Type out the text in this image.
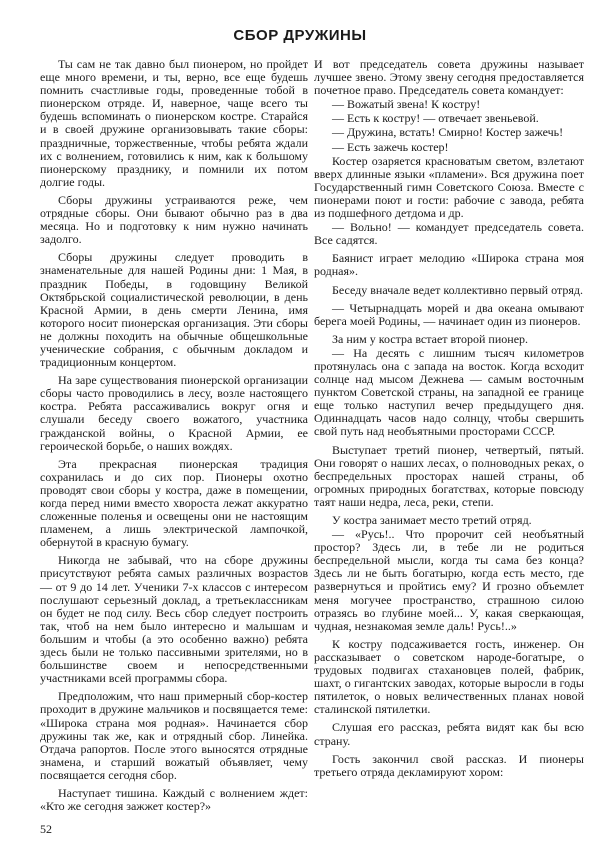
СБОР ДРУЖИНЫ

Ты сам не так давно был пионером, но пройдет еще много времени, и ты, верно, все еще будешь помнить счастливые годы, проведенные тобой в пионерском отряде. И, наверное, чаще всего ты будешь вспоминать о пионерском костре. Старайся и в своей дружине организовывать такие сборы: праздничные, торжественные, чтобы ребята ждали их с волнением, готовились к ним, как к большому пионерскому празднику, и помнили их потом долгие годы.

Сборы дружины устраиваются реже, чем отрядные сборы. Они бывают обычно раз в два месяца. Но и подготовку к ним нужно начинать задолго.

Сборы дружины следует проводить в знаменательные для нашей Родины дни: 1 Мая, в праздник Победы, в годовщину Великой Октябрьской социалистической революции, в день Красной Армии, в день смерти Ленина, имя которого носит пионерская организация. Эти сборы не должны походить на обычные общешкольные ученические собрания, с обычным докладом и традиционным концертом.

На заре существования пионерской организации сборы часто проводились в лесу, возле настоящего костра. Ребята рассаживались вокруг огня и слушали беседу своего вожатого, участника гражданской войны, о Красной Армии, ее героической борьбе, о наших вождях.

Эта прекрасная пионерская традиция сохранилась и до сих пор. Пионеры охотно проводят свои сборы у костра, даже в помещении, когда перед ними вместо хвороста лежат аккуратно сложенные поленья и освещены они не настоящим пламенем, а лишь электрической лампочкой, обернутой в красную бумагу.

Никогда не забывай, что на сборе дружины присутствуют ребята самых различных возрастов — от 9 до 14 лет. Ученики 7-х классов с интересом послушают серьезный доклад, а третьеклассникам он будет не под силу. Весь сбор следует построить так, чтоб на нем было интересно и малышам и большим и чтобы (а это особенно важно) ребята здесь были не только пассивными зрителями, но в большинстве своем и непосредственными участниками всей программы сбора.

Предположим, что наш примерный сбор-костер проходит в дружине мальчиков и посвящается теме: «Широка страна моя родная». Начинается сбор дружины так же, как и отрядный сбор. Линейка. Отдача рапортов. После этого выносятся отрядные знамена, и старший вожатый объявляет, чему посвящается сегодня сбор.

Наступает тишина. Каждый с волнением ждет: «Кто же сегодня зажжет костер?»

И вот председатель совета дружины называет лучшее звено. Этому звену сегодня предоставляется почетное право. Председатель совета командует:

— Вожатый звена! К костру!

— Есть к костру! — отвечает звеньевой.

— Дружина, встать! Смирно! Костер зажечь!

— Есть зажечь костер!

Костер озаряется красноватым светом, взлетают вверх длинные языки «пламени». Вся дружина поет Государственный гимн Советского Союза. Вместе с пионерами поют и гости: рабочие с завода, ребята из подшефного детдома и др.

— Вольно! — командует председатель совета. Все садятся.

Баянист играет мелодию «Широка страна моя родная».

Беседу вначале ведет коллективно первый отряд.

— Четырнадцать морей и два океана омывают берега моей Родины, — начинает один из пионеров.

За ним у костра встает второй пионер.

— На десять с лишним тысяч километров протянулась она с запада на восток. Когда всходит солнце над мысом Дежнева — самым восточным пунктом Советской страны, на западной ее границе еще только наступил вечер предыдущего дня. Одиннадцать часов надо солнцу, чтобы свершить свой путь над необъятными просторами СССР.

Выступает третий пионер, четвертый, пятый. Они говорят о наших лесах, о полноводных реках, о беспредельных просторах нашей страны, об огромных природных богатствах, которые повсюду таят наши недра, леса, реки, степи.

У костра занимает место третий отряд.

— «Русь!.. Что пророчит сей необъятный простор? Здесь ли, в тебе ли не родиться беспредельной мысли, когда ты сама без конца? Здесь ли не быть богатырю, когда есть место, где развернуться и пройтись ему? И грозно объемлет меня могучее пространство, страшною силою отразясь во глубине моей... У, какая сверкающая, чудная, незнакомая земле даль! Русь!..»

К костру подсаживается гость, инженер. Он рассказывает о советском народе-богатыре, о трудовых подвигах стахановцев полей, фабрик, шахт, о гигантских заводах, которые выросли в годы пятилеток, о новых величественных планах новой сталинской пятилетки.

Слушая его рассказ, ребята видят как бы всю страну.

Гость закончил свой рассказ. И пионеры третьего отряда декламируют хором:

52
